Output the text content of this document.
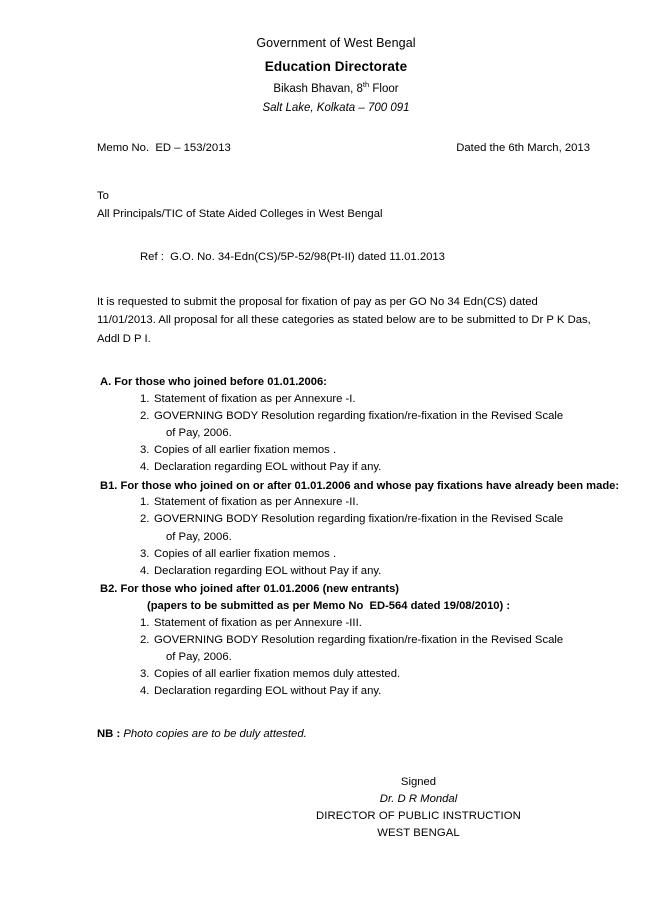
Government of West Bengal
Education Directorate
Bikash Bhavan, 8th Floor
Salt Lake, Kolkata – 700 091
Memo No.  ED – 153/2013	Dated the 6th March, 2013
To
All Principals/TIC of State Aided Colleges in West Bengal
Ref :  G.O. No. 34-Edn(CS)/5P-52/98(Pt-II) dated 11.01.2013
It is requested to submit the proposal for fixation of pay as per GO No 34 Edn(CS) dated 11/01/2013. All proposal for all these categories as stated below are to be submitted to Dr P K Das, Addl D P I.
A. For those who joined before 01.01.2006:
1. Statement of fixation as per Annexure -I.
2. GOVERNING BODY Resolution regarding fixation/re-fixation in the Revised Scale
of Pay, 2006.
3. Copies of all earlier fixation memos .
4. Declaration regarding EOL without Pay if any.
B1. For those who joined on or after 01.01.2006 and whose pay fixations have already been made:
1. Statement of fixation as per Annexure -II.
2. GOVERNING BODY Resolution regarding fixation/re-fixation in the Revised Scale
of Pay, 2006.
3. Copies of all earlier fixation memos .
4. Declaration regarding EOL without Pay if any.
B2. For those who joined after 01.01.2006 (new entrants)
(papers to be submitted as per Memo No  ED-564 dated 19/08/2010) :
1. Statement of fixation as per Annexure -III.
2. GOVERNING BODY Resolution regarding fixation/re-fixation in the Revised Scale
of Pay, 2006.
3. Copies of all earlier fixation memos duly attested.
4. Declaration regarding EOL without Pay if any.
NB : Photo copies are to be duly attested.
Signed
Dr. D R Mondal
DIRECTOR OF PUBLIC INSTRUCTION
WEST BENGAL
